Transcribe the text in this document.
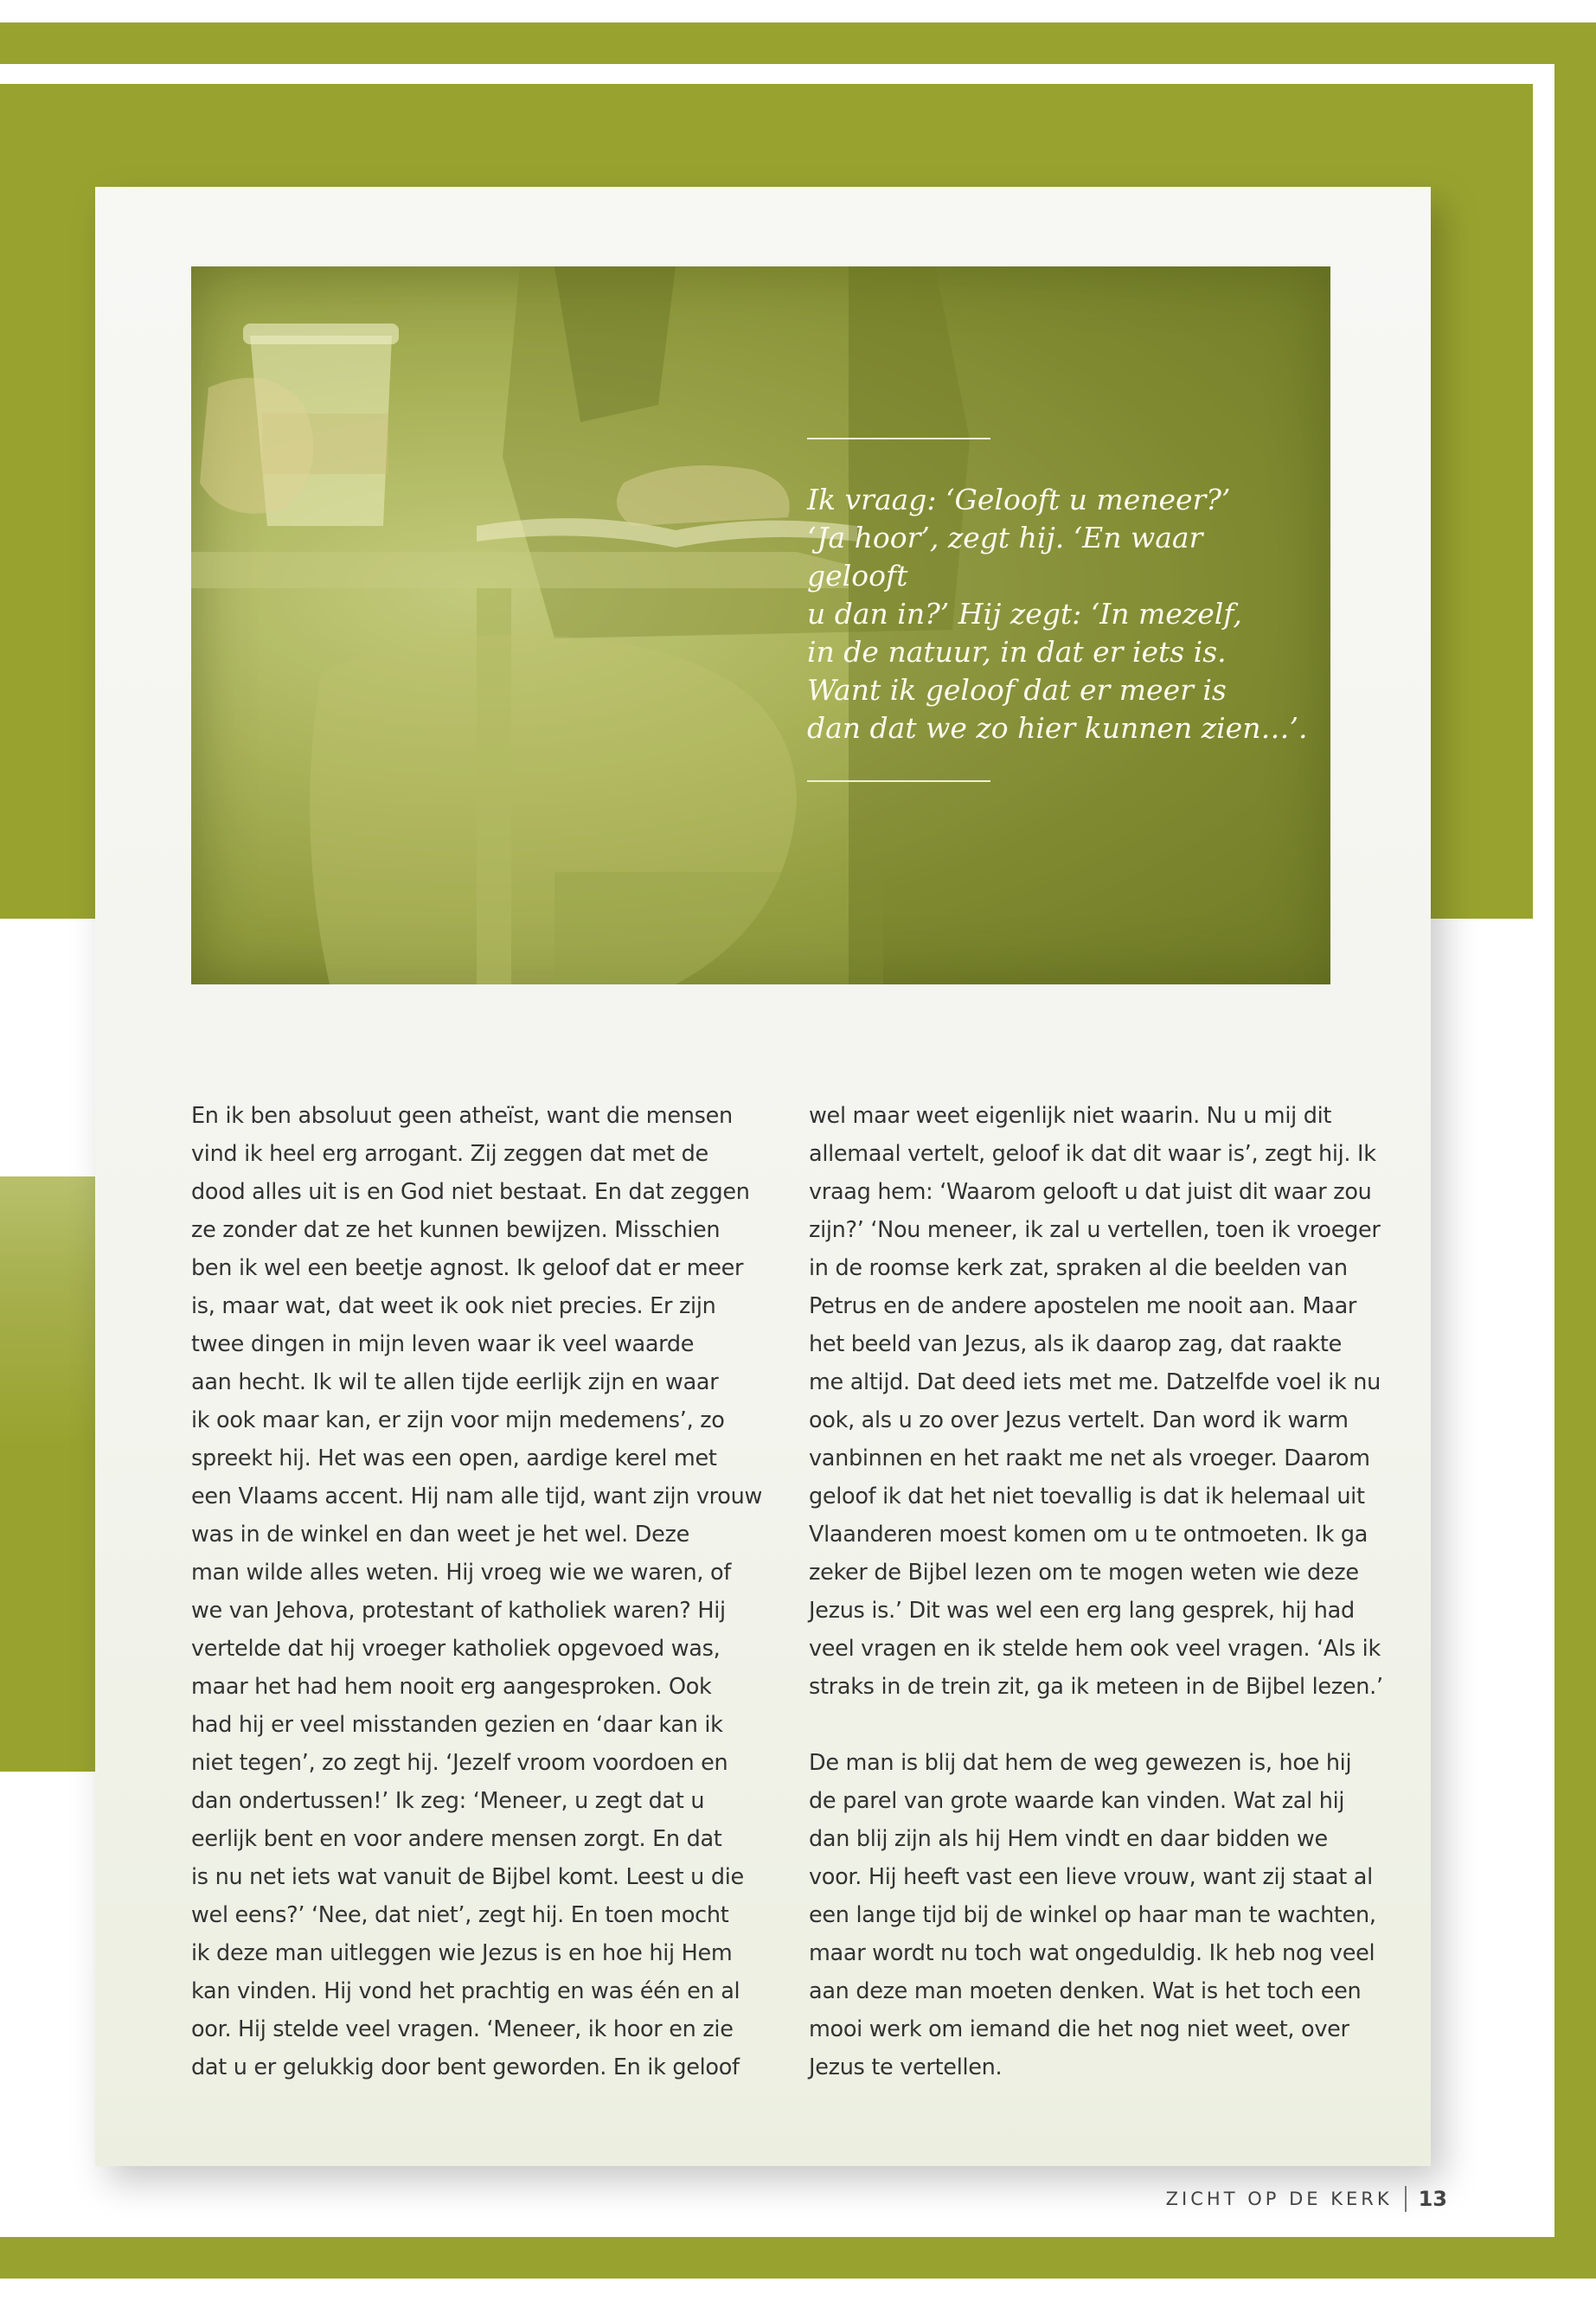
Ik vraag: ‘Gelooft u meneer?’
‘Ja hoor’, zegt hij. ‘En waar gelooft
u dan in?’ Hij zegt: ‘In mezelf,
in de natuur, in dat er iets is.
Want ik geloof dat er meer is
dan dat we zo hier kunnen zien…’.

En ik ben absoluut geen atheïst, want die mensen
vind ik heel erg arrogant. Zij zeggen dat met de
dood alles uit is en God niet bestaat. En dat zeggen
ze zonder dat ze het kunnen bewijzen. Misschien
ben ik wel een beetje agnost. Ik geloof dat er meer
is, maar wat, dat weet ik ook niet precies. Er zijn
twee dingen in mijn leven waar ik veel waarde
aan hecht. Ik wil te allen tijde eerlijk zijn en waar
ik ook maar kan, er zijn voor mijn medemens’, zo
spreekt hij. Het was een open, aardige kerel met
een Vlaams accent. Hij nam alle tijd, want zijn vrouw
was in de winkel en dan weet je het wel. Deze
man wilde alles weten. Hij vroeg wie we waren, of
we van Jehova, protestant of katholiek waren? Hij
vertelde dat hij vroeger katholiek opgevoed was,
maar het had hem nooit erg aangesproken. Ook
had hij er veel misstanden gezien en ‘daar kan ik
niet tegen’, zo zegt hij. ‘Jezelf vroom voordoen en
dan ondertussen!’ Ik zeg: ‘Meneer, u zegt dat u
eerlijk bent en voor andere mensen zorgt. En dat
is nu net iets wat vanuit de Bijbel komt. Leest u die
wel eens?’ ‘Nee, dat niet’, zegt hij. En toen mocht
ik deze man uitleggen wie Jezus is en hoe hij Hem
kan vinden. Hij vond het prachtig en was één en al
oor. Hij stelde veel vragen. ‘Meneer, ik hoor en zie
dat u er gelukkig door bent geworden. En ik geloof

wel maar weet eigenlijk niet waarin. Nu u mij dit
allemaal vertelt, geloof ik dat dit waar is’, zegt hij. Ik
vraag hem: ‘Waarom gelooft u dat juist dit waar zou
zijn?’ ‘Nou meneer, ik zal u vertellen, toen ik vroeger
in de roomse kerk zat, spraken al die beelden van
Petrus en de andere apostelen me nooit aan. Maar
het beeld van Jezus, als ik daarop zag, dat raakte
me altijd. Dat deed iets met me. Datzelfde voel ik nu
ook, als u zo over Jezus vertelt. Dan word ik warm
vanbinnen en het raakt me net als vroeger. Daarom
geloof ik dat het niet toevallig is dat ik helemaal uit
Vlaanderen moest komen om u te ontmoeten. Ik ga
zeker de Bijbel lezen om te mogen weten wie deze
Jezus is.’ Dit was wel een erg lang gesprek, hij had
veel vragen en ik stelde hem ook veel vragen. ‘Als ik
straks in de trein zit, ga ik meteen in de Bijbel lezen.’

De man is blij dat hem de weg gewezen is, hoe hij
de parel van grote waarde kan vinden. Wat zal hij
dan blij zijn als hij Hem vindt en daar bidden we
voor. Hij heeft vast een lieve vrouw, want zij staat al
een lange tijd bij de winkel op haar man te wachten,
maar wordt nu toch wat ongeduldig. Ik heb nog veel
aan deze man moeten denken. Wat is het toch een
mooi werk om iemand die het nog niet weet, over
Jezus te vertellen.

ZICHT OP DE KERK 13
